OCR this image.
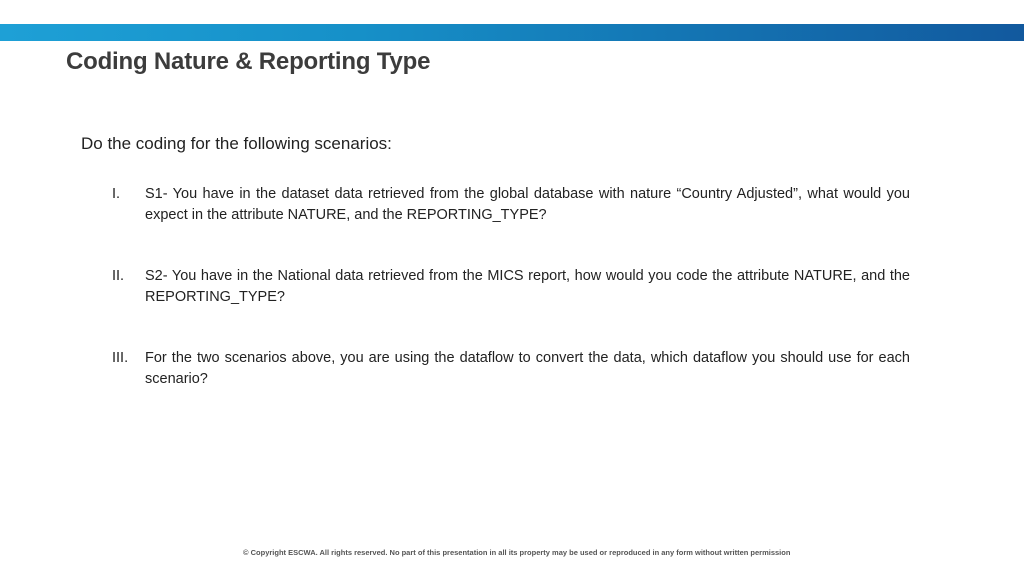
Coding Nature & Reporting Type
Do the coding for the following scenarios:
I.	S1- You have in the dataset data retrieved from the global database with nature “Country Adjusted”, what would you expect in the attribute NATURE, and the REPORTING_TYPE?
II.	S2- You have in the National data retrieved from the MICS report, how would you code the attribute NATURE, and the REPORTING_TYPE?
III.	For the two scenarios above, you are using the dataflow to convert the data, which dataflow you should use for each scenario?
© Copyright ESCWA. All rights reserved. No part of this presentation in all its property may be used or reproduced in any form without written permission
